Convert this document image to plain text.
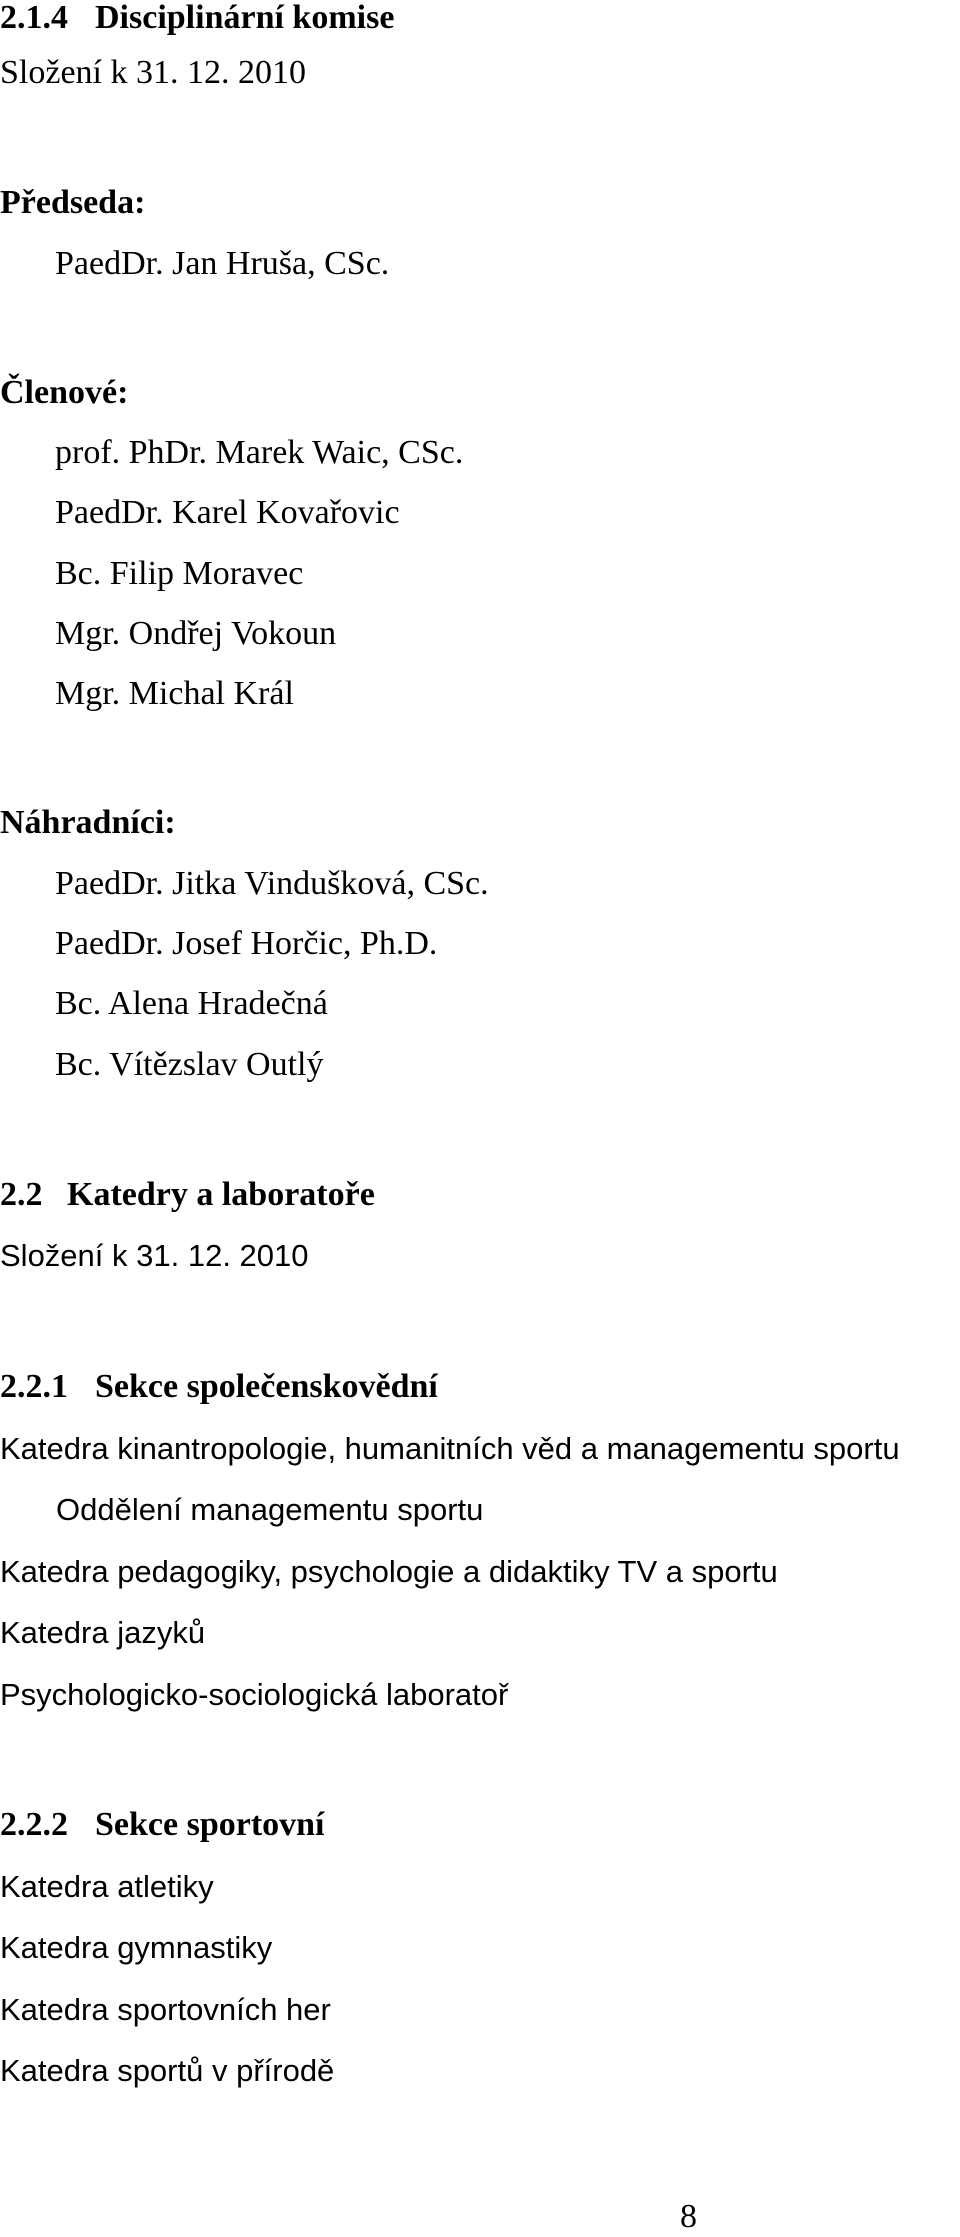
2.1.4 Disciplinární komise
Složení k 31. 12. 2010
Předseda:
PaedDr. Jan Hruša, CSc.
Členové:
prof. PhDr. Marek Waic, CSc.
PaedDr. Karel Kovařovic
Bc. Filip Moravec
Mgr. Ondřej Vokoun
Mgr. Michal Král
Náhradníci:
PaedDr. Jitka Vindušková, CSc.
PaedDr. Josef Horčic, Ph.D.
Bc. Alena Hradečná
Bc. Vítězslav Outlý
2.2 Katedry a laboratoře
Složení k 31. 12. 2010
2.2.1 Sekce společenskovědní
Katedra kinantropologie, humanitních věd a managementu sportu
Oddělení managementu sportu
Katedra pedagogiky, psychologie a didaktiky TV a sportu
Katedra jazyků
Psychologicko-sociologická laboratoř
2.2.2 Sekce sportovní
Katedra atletiky
Katedra gymnastiky
Katedra sportovních her
Katedra sportů v přírodě
8
